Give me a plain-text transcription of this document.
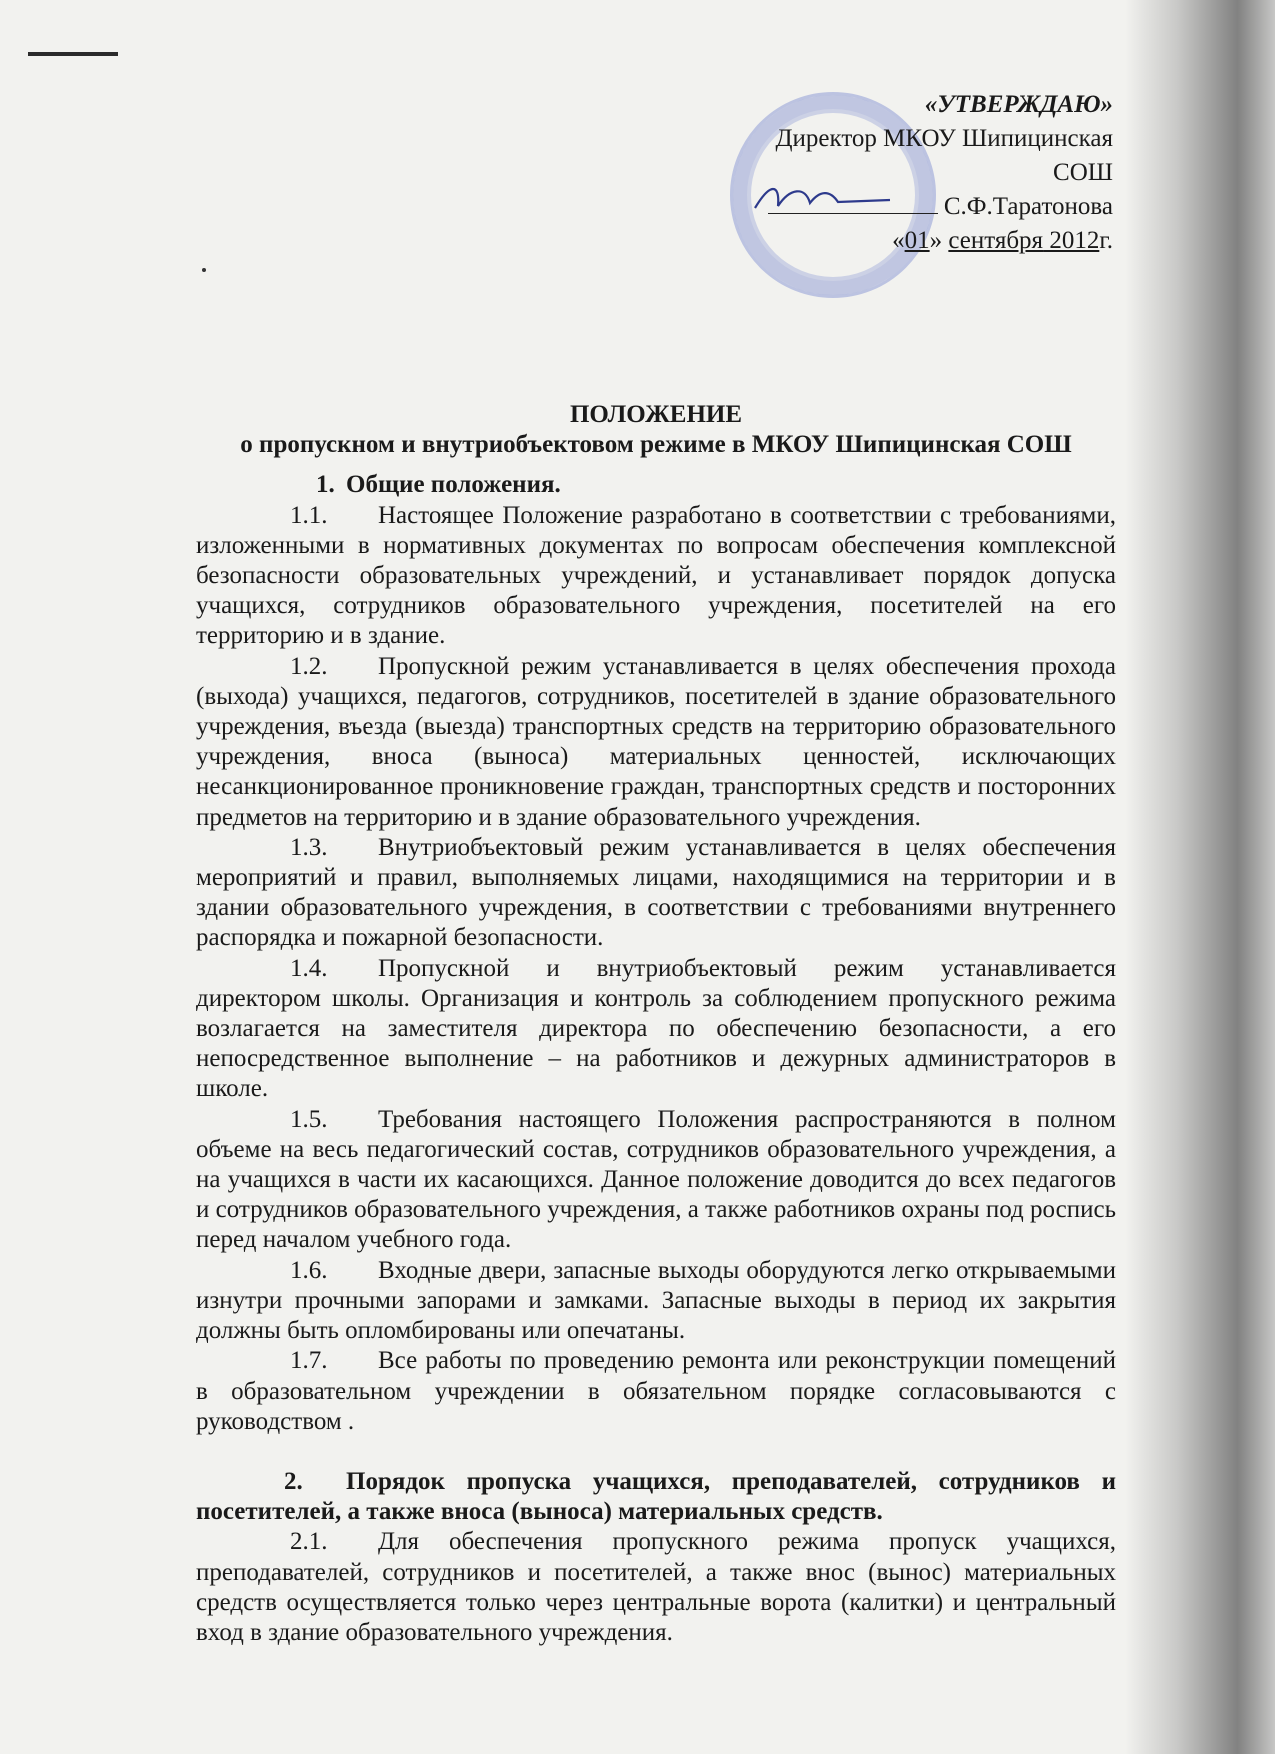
«УТВЕРЖДАЮ»
Директор МКОУ Шипицинская
СОШ
С.Ф.Таратонова
«01» сентября 2012г.

ПОЛОЖЕНИЕ

о пропускном и внутриобъектовом режиме в МКОУ Шипицинская СОШ

1. Общие положения.

1.1. Настоящее Положение разработано в соответствии с требованиями, изложенными в нормативных документах по вопросам обеспечения комплексной безопасности образовательных учреждений, и устанавливает порядок допуска учащихся, сотрудников образовательного учреждения, посетителей на его территорию и в здание.

1.2. Пропускной режим устанавливается в целях обеспечения прохода (выхода) учащихся, педагогов, сотрудников, посетителей в здание образовательного учреждения, въезда (выезда) транспортных средств на территорию образовательного учреждения, вноса (выноса) материальных ценностей, исключающих несанкционированное проникновение граждан, транспортных средств и посторонних предметов на территорию и в здание образовательного учреждения.

1.3. Внутриобъектовый режим устанавливается в целях обеспечения мероприятий и правил, выполняемых лицами, находящимися на территории и в здании образовательного учреждения, в соответствии с требованиями внутреннего распорядка и пожарной безопасности.

1.4. Пропускной и внутриобъектовый режим устанавливается директором школы. Организация и контроль за соблюдением пропускного режима возлагается на заместителя директора по обеспечению безопасности, а его непосредственное выполнение – на работников и дежурных администраторов в школе.

1.5. Требования настоящего Положения распространяются в полном объеме на весь педагогический состав, сотрудников образовательного учреждения, а на учащихся в части их касающихся. Данное положение доводится до всех педагогов и сотрудников образовательного учреждения, а также работников охраны под роспись перед началом учебного года.

1.6. Входные двери, запасные выходы оборудуются легко открываемыми изнутри прочными запорами и замками. Запасные выходы в период их закрытия должны быть опломбированы или опечатаны.

1.7. Все работы по проведению ремонта или реконструкции помещений в образовательном учреждении в обязательном порядке согласовываются с руководством .

2. Порядок пропуска учащихся, преподавателей, сотрудников и посетителей, а также вноса (выноса) материальных средств.

2.1. Для обеспечения пропускного режима пропуск учащихся, преподавателей, сотрудников и посетителей, а также внос (вынос) материальных средств осуществляется только через центральные ворота (калитки) и центральный вход в здание образовательного учреждения.
